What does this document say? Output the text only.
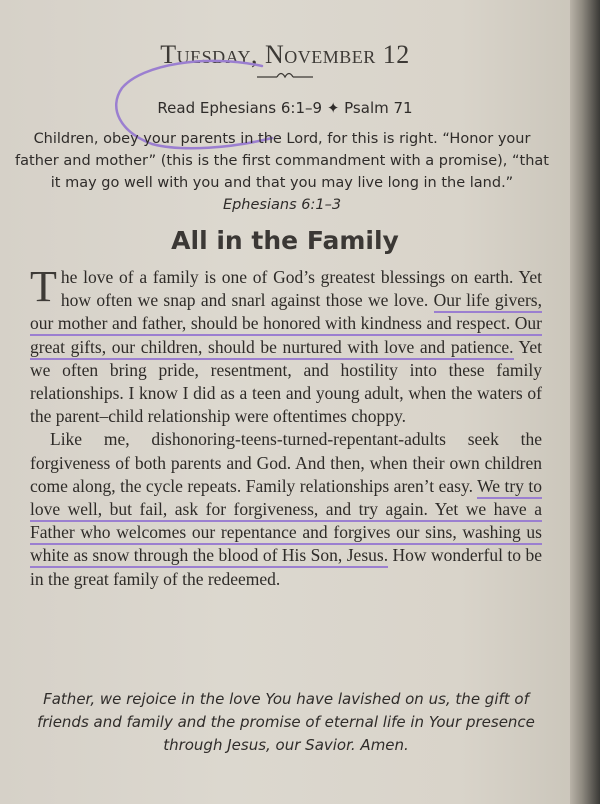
Tuesday, November 12
Read Ephesians 6:1–9 ✦ Psalm 71
Children, obey your parents in the Lord, for this is right. “Honor your father and mother” (this is the first commandment with a promise), “that it may go well with you and that you may live long in the land.” Ephesians 6:1–3
All in the Family

The love of a family is one of God’s greatest blessings on earth. Yet how often we snap and snarl against those we love. Our life givers, our mother and father, should be honored with kindness and respect. Our great gifts, our children, should be nurtured with love and patience. Yet we often bring pride, resentment, and hostility into these family relationships. I know I did as a teen and young adult, when the waters of the parent–child relationship were oftentimes choppy.

Like me, dishonoring-teens-turned-repentant-adults seek the forgiveness of both parents and God. And then, when their own children come along, the cycle repeats. Family relationships aren’t easy. We try to love well, but fail, ask for forgiveness, and try again. Yet we have a Father who welcomes our repentance and forgives our sins, washing us white as snow through the blood of His Son, Jesus. How wonderful to be in the great family of the redeemed.

Father, we rejoice in the love You have lavished on us, the gift of friends and family and the promise of eternal life in Your presence through Jesus, our Savior. Amen.
